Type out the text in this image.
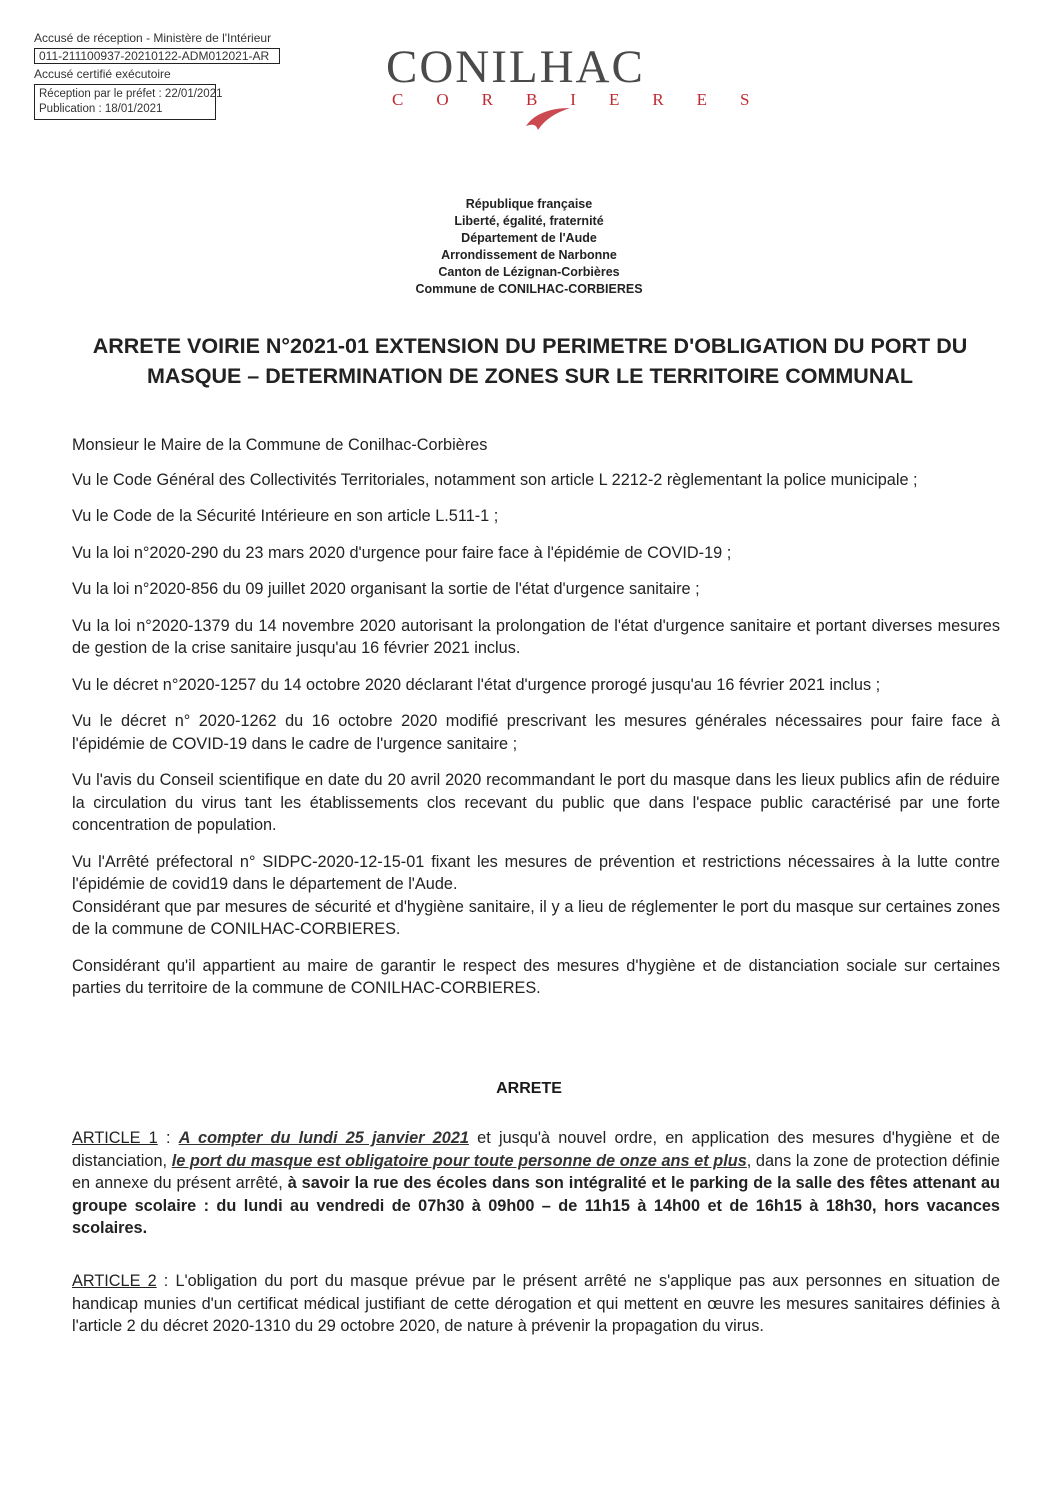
Accusé de réception - Ministère de l'Intérieur
011-211100937-20210122-ADM012021-AR
Accusé certifié exécutoire
Réception par le préfet : 22/01/2021
Publication : 18/01/2021
CONILHAC
CORBIERES
République française
Liberté, égalité, fraternité
Département de l'Aude
Arrondissement de Narbonne
Canton de Lézignan-Corbières
Commune de CONILHAC-CORBIERES
ARRETE VOIRIE N°2021-01 EXTENSION DU PERIMETRE D'OBLIGATION DU PORT DU
MASQUE – DETERMINATION DE ZONES SUR LE TERRITOIRE COMMUNAL

Monsieur le Maire de la Commune de Conilhac-Corbières

Vu le Code Général des Collectivités Territoriales, notamment son article L 2212-2 règlementant la police municipale ;

Vu le Code de la Sécurité Intérieure en son article L.511-1 ;

Vu la loi n°2020-290 du 23 mars 2020 d'urgence pour faire face à l'épidémie de COVID-19 ;

Vu la loi n°2020-856 du 09 juillet 2020 organisant la sortie de l'état d'urgence sanitaire ;

Vu la loi n°2020-1379 du 14 novembre 2020 autorisant la prolongation de l'état d'urgence sanitaire et portant diverses mesures de gestion de la crise sanitaire jusqu'au 16 février 2021 inclus.

Vu le décret n°2020-1257 du 14 octobre 2020 déclarant l'état d'urgence prorogé jusqu'au 16 février 2021 inclus ;

Vu le décret n° 2020-1262 du 16 octobre 2020 modifié prescrivant les mesures générales nécessaires pour faire face à l'épidémie de COVID-19 dans le cadre de l'urgence sanitaire ;

Vu l'avis du Conseil scientifique en date du 20 avril 2020 recommandant le port du masque dans les lieux publics afin de réduire la circulation du virus tant les établissements clos recevant du public que dans l'espace public caractérisé par une forte concentration de population.

Vu l'Arrêté préfectoral n° SIDPC-2020-12-15-01 fixant les mesures de prévention et restrictions nécessaires à la lutte contre l'épidémie de covid19 dans le département de l'Aude.

Considérant que par mesures de sécurité et d'hygiène sanitaire, il y a lieu de réglementer le port du masque sur certaines zones de la commune de CONILHAC-CORBIERES.

Considérant qu'il appartient au maire de garantir le respect des mesures d'hygiène et de distanciation sociale sur certaines parties du territoire de la commune de CONILHAC-CORBIERES.

ARRETE
ARTICLE 1 : A compter du lundi 25 janvier 2021 et jusqu'à nouvel ordre, en application des mesures d'hygiène et de distanciation, le port du masque est obligatoire pour toute personne de onze ans et plus, dans la zone de protection définie en annexe du présent arrêté, à savoir la rue des écoles dans son intégralité et le parking de la salle des fêtes attenant au groupe scolaire : du lundi au vendredi de 07h30 à 09h00 – de 11h15 à 14h00 et de 16h15 à 18h30, hors vacances scolaires.
ARTICLE 2 : L'obligation du port du masque prévue par le présent arrêté ne s'applique pas aux personnes en situation de handicap munies d'un certificat médical justifiant de cette dérogation et qui mettent en œuvre les mesures sanitaires définies à l'article 2 du décret 2020-1310 du 29 octobre 2020, de nature à prévenir la propagation du virus.
